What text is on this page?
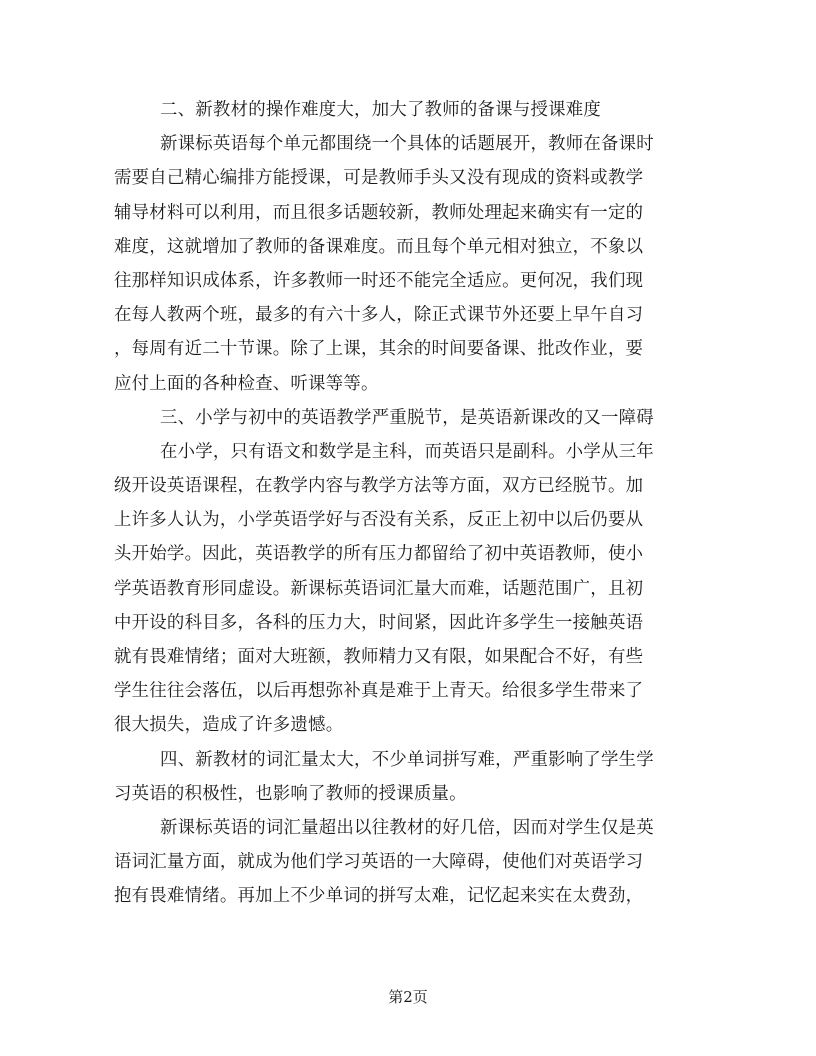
二、新教材的操作难度大，加大了教师的备课与授课难度
新课标英语每个单元都围绕一个具体的话题展开，教师在备课时
需要自己精心编排方能授课，可是教师手头又没有现成的资料或教学
辅导材料可以利用，而且很多话题较新，教师处理起来确实有一定的
难度，这就增加了教师的备课难度。而且每个单元相对独立，不象以
往那样知识成体系，许多教师一时还不能完全适应。更何况，我们现
在每人教两个班，最多的有六十多人，除正式课节外还要上早午自习
，每周有近二十节课。除了上课，其余的时间要备课、批改作业，要
应付上面的各种检查、听课等等。
三、小学与初中的英语教学严重脱节，是英语新课改的又一障碍
在小学，只有语文和数学是主科，而英语只是副科。小学从三年
级开设英语课程，在教学内容与教学方法等方面，双方已经脱节。加
上许多人认为，小学英语学好与否没有关系，反正上初中以后仍要从
头开始学。因此，英语教学的所有压力都留给了初中英语教师，使小
学英语教育形同虚设。新课标英语词汇量大而难，话题范围广，且初
中开设的科目多，各科的压力大，时间紧，因此许多学生一接触英语
就有畏难情绪；面对大班额，教师精力又有限，如果配合不好，有些
学生往往会落伍，以后再想弥补真是难于上青天。给很多学生带来了
很大损失，造成了许多遗憾。
四、新教材的词汇量太大，不少单词拼写难，严重影响了学生学
习英语的积极性，也影响了教师的授课质量。
新课标英语的词汇量超出以往教材的好几倍，因而对学生仅是英
语词汇量方面，就成为他们学习英语的一大障碍，使他们对英语学习
抱有畏难情绪。再加上不少单词的拼写太难，记忆起来实在太费劲，
第2页
